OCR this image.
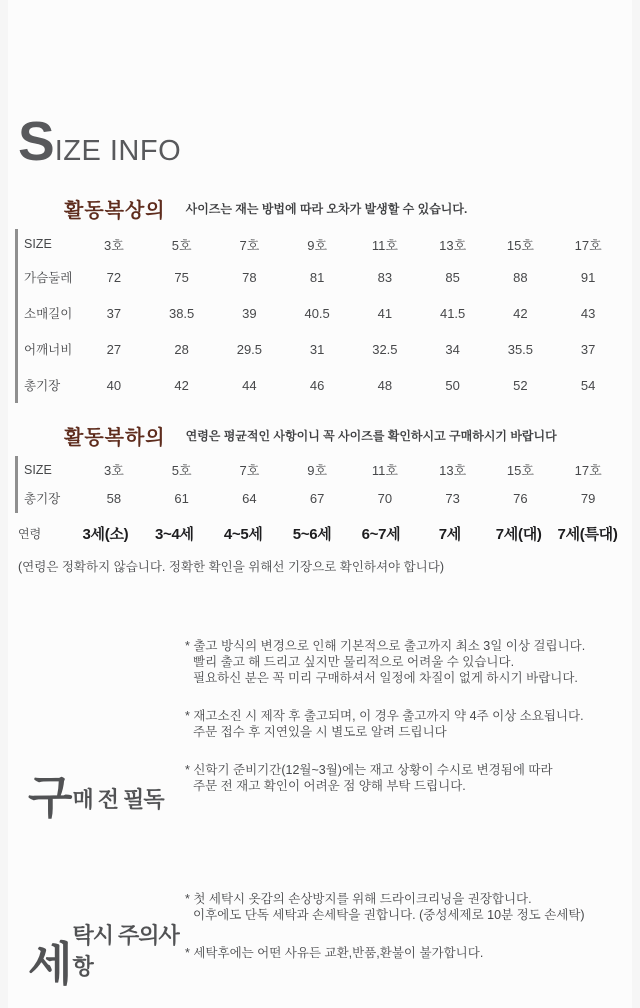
S IZE INFO
활동복상의 사이즈는 재는 방법에 따라 오차가 발생할 수 있습니다.
SIZE	3호	5호	7호	9호	11호	13호	15호	17호
가슴둘레	72	75	78	81	83	85	88	91
소매길이	37	38.5	39	40.5	41	41.5	42	43
어깨너비	27	28	29.5	31	32.5	34	35.5	37
총기장	40	42	44	46	48	50	52	54
활동복하의 연령은 평균적인 사항이니 꼭 사이즈를 확인하시고 구매하시기 바랍니다
SIZE	3호	5호	7호	9호	11호	13호	15호	17호
총기장	58	61	64	67	70	73	76	79
연령	3세(소)	3~4세	4~5세	5~6세	6~7세	7세	7세(대)	7세(특대)
(연령은 정확하지 않습니다. 정확한 확인을 위해선 기장으로 확인하셔야 합니다)
구 매 전 필독
* 출고 방식의 변경으로 인해 기본적으로 출고까지 최소 3일 이상 걸립니다.
빨리 출고 해 드리고 싶지만 물리적으로 어려울 수 있습니다.
필요하신 분은 꼭 미리 구매하셔서 일정에 차질이 없게 하시기 바랍니다.
* 재고소진 시 제작 후 출고되며, 이 경우 출고까지 약 4주 이상 소요됩니다.
주문 접수 후 지연있을 시 별도로 알려 드립니다
* 신학기 준비기간(12월~3월)에는 재고 상황이 수시로 변경됨에 따라
주문 전 재고 확인이 어려운 점 양해 부탁 드립니다.
세
탁시 주의사항
* 첫 세탁시 옷감의 손상방지를 위해 드라이크리닝을 권장합니다.
이후에도 단독 세탁과 손세탁을 권합니다. (중성세제로 10분 정도 손세탁)
* 세탁후에는 어떤 사유든 교환,반품,환불이 불가합니다.
